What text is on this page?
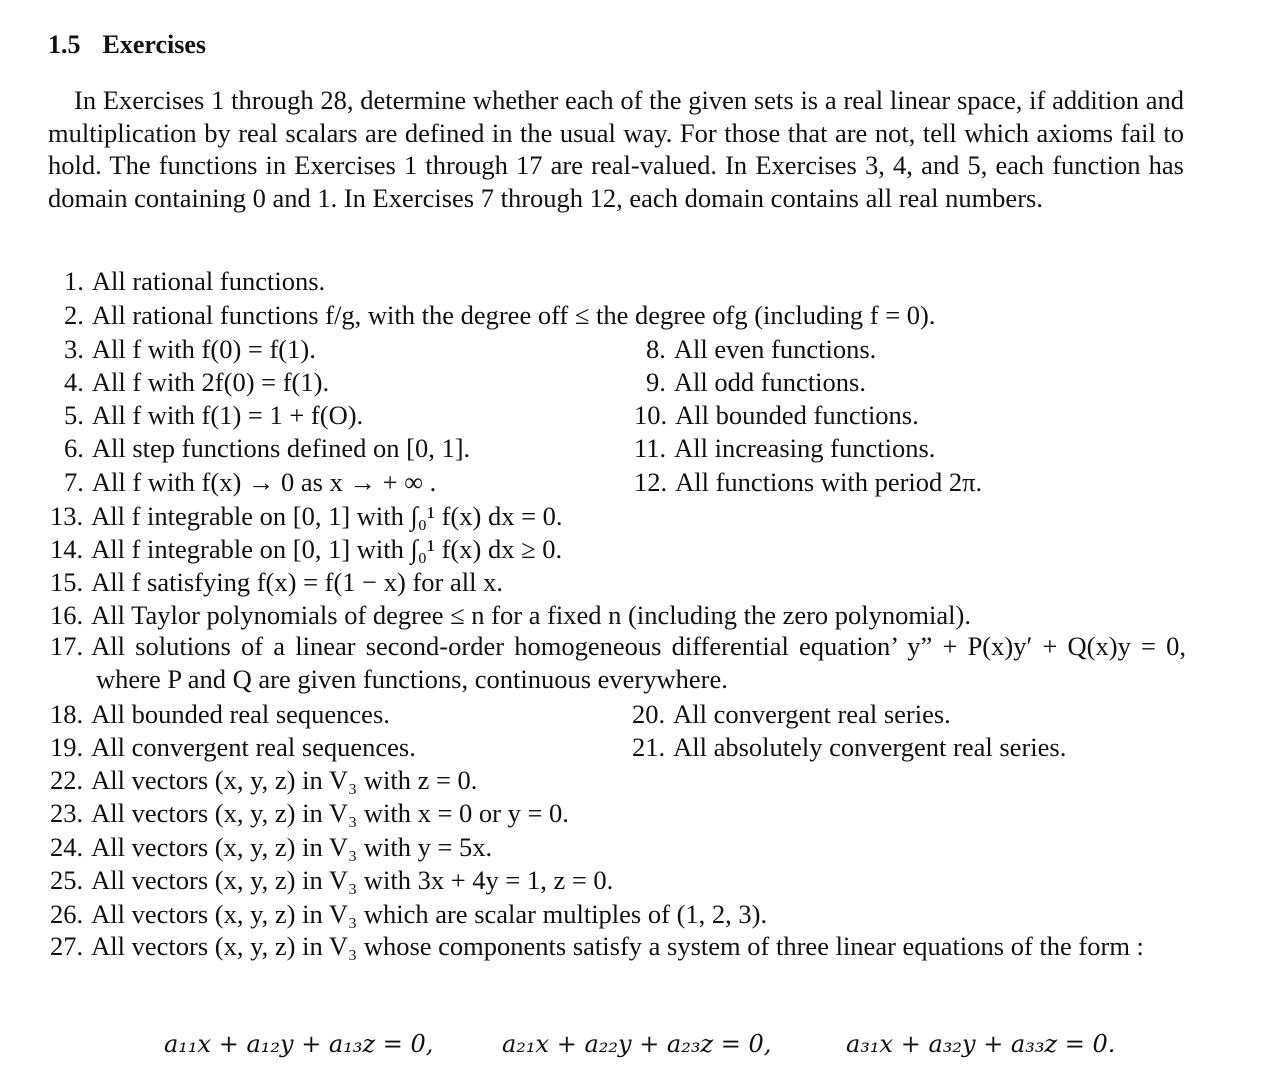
1.5 Exercises

In Exercises 1 through 28, determine whether each of the given sets is a real linear space, if addition and multiplication by real scalars are defined in the usual way. For those that are not, tell which axioms fail to hold. The functions in Exercises 1 through 17 are real-valued. In Exercises 3, 4, and 5, each function has domain containing 0 and 1. In Exercises 7 through 12, each domain contains all real numbers.

1. All rational functions.
2. All rational functions f/g, with the degree off ≤ the degree ofg (including f = 0).
3. All f with f(0) = f(1).
4. All f with 2f(0) = f(1).
5. All f with f(1) = 1 + f(O).
6. All step functions defined on [0, 1].
7. All f with f(x) → 0 as x → + ∞ .
8. All even functions.
9. All odd functions.
10. All bounded functions.
11. All increasing functions.
12. All functions with period 2π.
13. All f integrable on [0, 1] with ∫₀¹ f(x) dx = 0.
14. All f integrable on [0, 1] with ∫₀¹ f(x) dx ≥ 0.
15. All f satisfying f(x) = f(1 − x) for all x.
16. All Taylor polynomials of degree ≤ n for a fixed n (including the zero polynomial).
17. All solutions of a linear second-order homogeneous differential equation’ y” + P(x)y′ + Q(x)y = 0, where P and Q are given functions, continuous everywhere.
18. All bounded real sequences.
19. All convergent real sequences.
20. All convergent real series.
21. All absolutely convergent real series.
22. All vectors (x, y, z) in V₃ with z = 0.
23. All vectors (x, y, z) in V₃ with x = 0 or y = 0.
24. All vectors (x, y, z) in V₃ with y = 5x.
25. All vectors (x, y, z) in V₃ with 3x + 4y = 1, z = 0.
26. All vectors (x, y, z) in V₃ which are scalar multiples of (1, 2, 3).
27. All vectors (x, y, z) in V₃ whose components satisfy a system of three linear equations of the form :
a₁₁x + a₁₂y + a₁₃z = 0,	a₂₁x + a₂₂y + a₂₃z = 0,	a₃₁x + a₃₂y + a₃₃z = 0.
